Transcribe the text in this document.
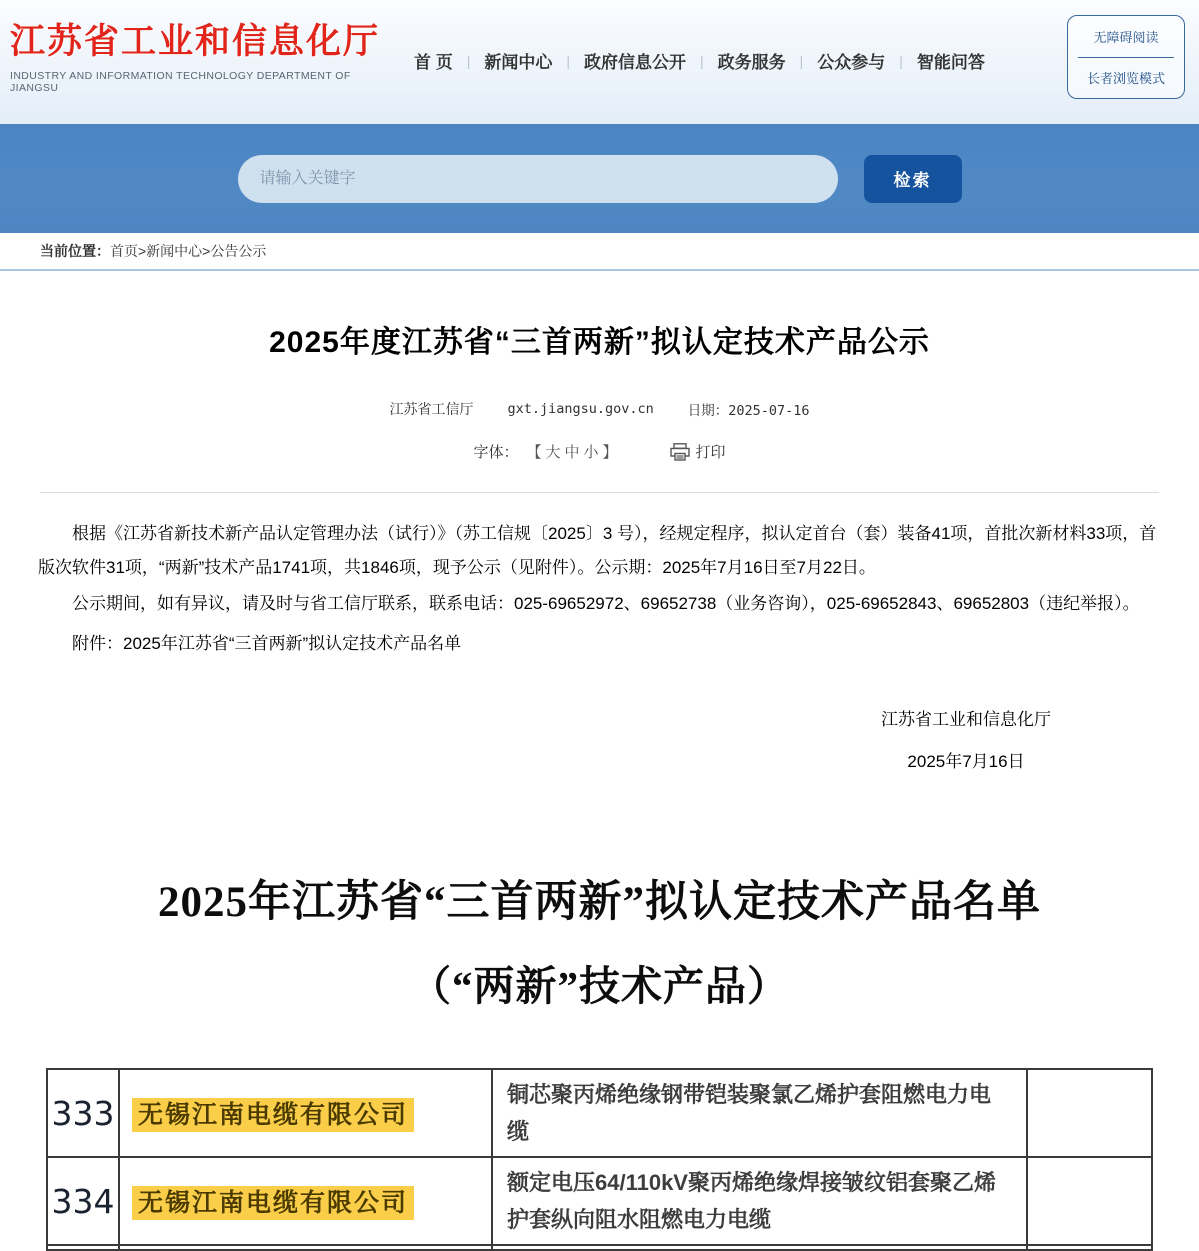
江苏省工业和信息化厅
INDUSTRY AND INFORMATION TECHNOLOGY DEPARTMENT OF JIANGSU
首 页	| 新闻中心	| 政府信息公开	| 政务服务	| 公众参与	| 智能问答
无障碍阅读
长者浏览模式
请输入关键字
检索
当前位置： 首页>新闻中心>公告公示
2025年度江苏省“三首两新”拟认定技术产品公示
江苏省工信厅	gxt.jiangsu.gov.cn	日期：2025-07-16
字体： 【大中小】	打印

根据《江苏省新技术新产品认定管理办法（试行）》（苏工信规〔2025〕3 号），经规定程序，拟认定首台（套）装备41项，首批次新材料33项，首版次软件31项，“两新”技术产品1741项，共1846项，现予公示（见附件）。公示期：2025年7月16日至7月22日。

公示期间，如有异议，请及时与省工信厅联系，联系电话：025-69652972、69652738（业务咨询），025-69652843、69652803（违纪举报）。

附件：2025年江苏省“三首两新”拟认定技术产品名单
江苏省工业和信息化厅
2025年7月16日
2025年江苏省“三首两新”拟认定技术产品名单
（“两新”技术产品）
333	无锡江南电缆有限公司	铜芯聚丙烯绝缘钢带铠装聚氯乙烯护套阻燃电力电缆	
334	无锡江南电缆有限公司	额定电压64/110kV聚丙烯绝缘焊接皱纹铝套聚乙烯护套纵向阻水阻燃电力电缆	
